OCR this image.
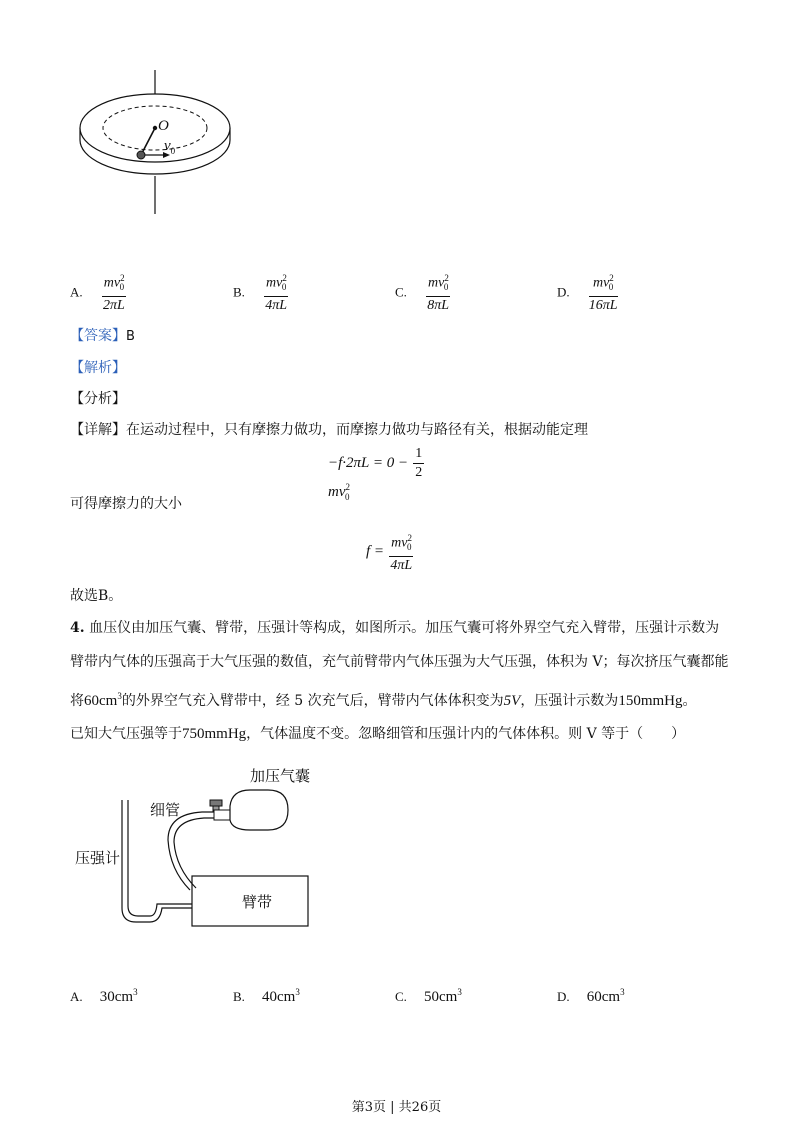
O
$v_0$
A. $\frac{mv^2_0}{2\pi L}$	B. $\frac{mv^2_0}{4\pi L}$	C. $\frac{mv^2_0}{8\pi L}$	D. $\frac{mv^2_0}{16\pi L}$
【答案】B
【解析】
【分析】
【详解】在运动过程中，只有摩擦力做功，而摩擦力做功与路径有关，根据动能定理
$-f\cdot 2\pi L = 0 - \frac{1}{2}$
$mv^2_0$
可得摩擦力的大小
$f = \frac{mv^2_0}{4\pi L}$
故选B。
4. 血压仪由加压气囊、臂带，压强计等构成，如图所示。加压气囊可将外界空气充入臂带，压强计示数为
臂带内气体的压强高于大气压强的数值，充气前臂带内气体压强为大气压强，体积为 V；每次挤压气囊都能
将$60cm^3$的外界空气充入臂带中，经 5 次充气后，臂带内气体体积变为5V，压强计示数为150mmHg。
已知大气压强等于750mmHg，气体温度不变。忽略细管和压强计内的气体体积。则 V 等于（　　）
加压气囊
细管
压强计
臂带
A. $30cm^3$	B. $40cm^3$	C. $50cm^3$	D. $60cm^3$
第3页 | 共26页
